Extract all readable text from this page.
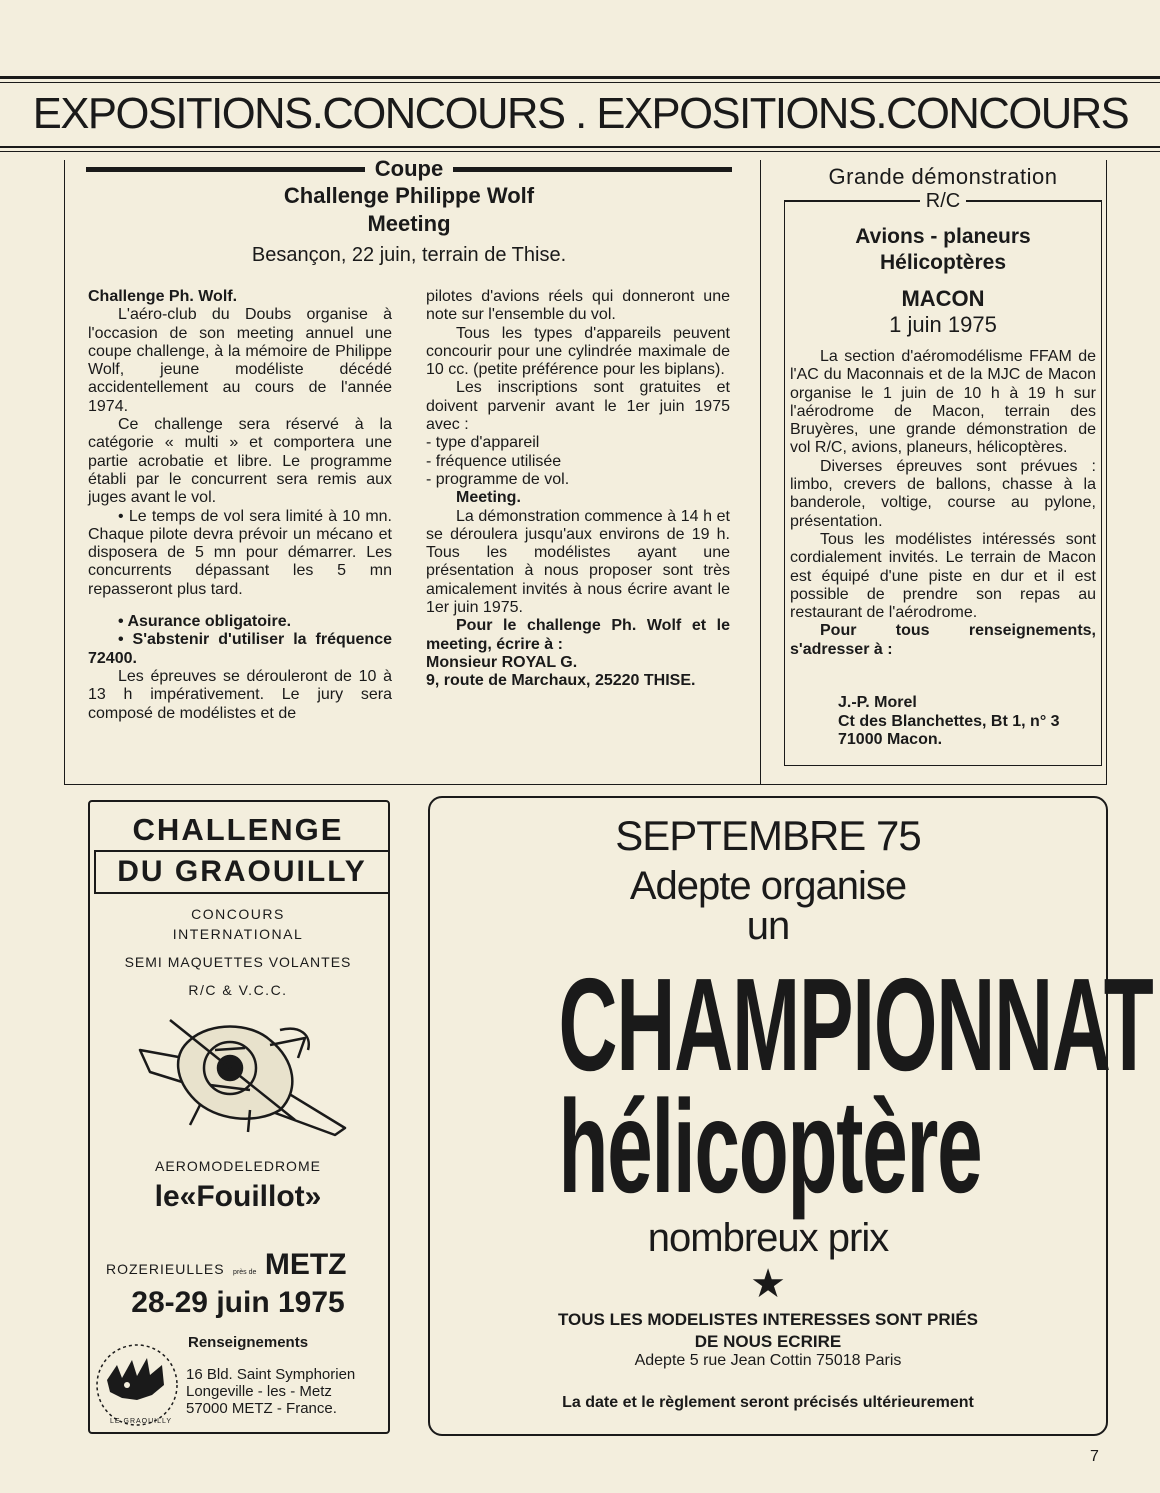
EXPOSITIONS.CONCOURS . EXPOSITIONS.CONCOURS
Coupe
Challenge Philippe Wolf
Meeting
Besançon, 22 juin, terrain de Thise.

Challenge Ph. Wolf.

L'aéro-club du Doubs organise à l'occasion de son meeting annuel une coupe challenge, à la mémoire de Philippe Wolf, jeune modéliste décédé accidentellement au cours de l'année 1974.

Ce challenge sera réservé à la catégorie « multi » et comportera une partie acrobatie et libre. Le programme établi par le concurrent sera remis aux juges avant le vol.

• Le temps de vol sera limité à 10 mn. Chaque pilote devra prévoir un mécano et disposera de 5 mn pour démarrer. Les concurrents dépassant les 5 mn repasseront plus tard.

• Asurance obligatoire.

• S'abstenir d'utiliser la fréquence 72400.

Les épreuves se dérouleront de 10 à 13 h impérativement. Le jury sera composé de modélistes et de

pilotes d'avions réels qui donneront une note sur l'ensemble du vol.

Tous les types d'appareils peuvent concourir pour une cylindrée maximale de 10 cc. (petite préférence pour les biplans).

Les inscriptions sont gratuites et doivent parvenir avant le 1er juin 1975 avec :

- type d'appareil

- fréquence utilisée

- programme de vol.

Meeting.

La démonstration commence à 14 h et se déroulera jusqu'aux environs de 19 h. Tous les modélistes ayant une présentation à nous proposer sont très amicalement invités à nous écrire avant le 1er juin 1975.

Pour le challenge Ph. Wolf et le meeting, écrire à :

Monsieur ROYAL G.

9, route de Marchaux, 25220 THISE.

Grande démonstration
R/C
Avions - planeurs
Hélicoptères
MACON
1 juin 1975

La section d'aéromodélisme FFAM de l'AC du Maconnais et de la MJC de Macon organise le 1 juin de 10 h à 19 h sur l'aérodrome de Macon, terrain des Bruyères, une grande démonstration de vol R/C, avions, planeurs, hélicoptères.

Diverses épreuves sont prévues : limbo, crevers de ballons, chasse à la banderole, voltige, course au pylone, présentation.

Tous les modélistes intéressés sont cordialement invités. Le terrain de Macon est équipé d'une piste en dur et il est possible de prendre son repas au restaurant de l'aérodrome.

Pour tous renseignements, s'adresser à :

J.-P. Morel
Ct des Blanchettes, Bt 1, n° 3
71000 Macon.
CHALLENGE
DU GRAOUILLY
CONCOURS
INTERNATIONAL
SEMI MAQUETTES VOLANTES
R/C & V.C.C.
AEROMODELEDROME
le«Fouillot»
ROZERIEULLES près de METZ
28-29 juin 1975
Renseignements
LE GRAOUILLY
16 Bld. Saint Symphorien
Longeville - les - Metz
57000 METZ - France.
SEPTEMBRE 75
Adepte organise
un
CHAMPIONNAT
hélicoptère
nombreux prix
★
TOUS LES MODELISTES INTERESSES SONT PRIÉS
DE NOUS ECRIRE
Adepte 5 rue Jean Cottin 75018 Paris
La date et le règlement seront précisés ultérieurement
7
